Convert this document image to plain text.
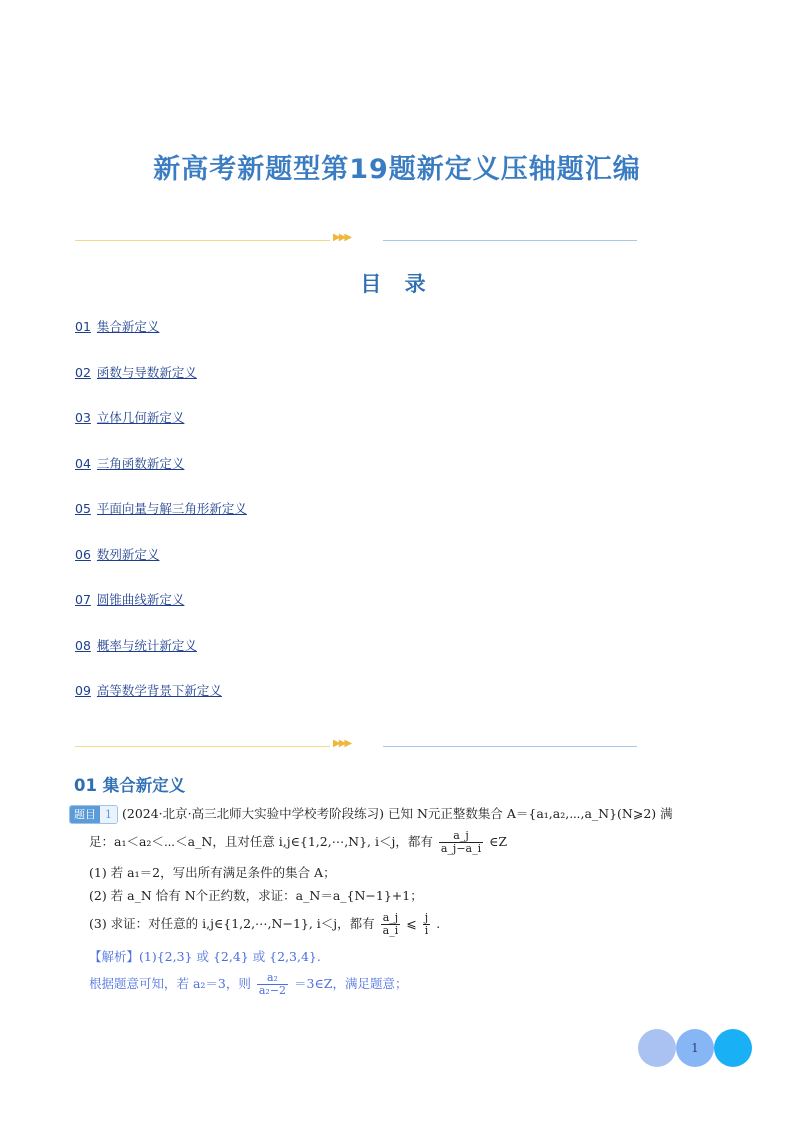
新高考新题型第19题新定义压轴题汇编
▶▶▶
目 录
01 集合新定义
02 函数与导数新定义
03 立体几何新定义
04 三角函数新定义
05 平面向量与解三角形新定义
06 数列新定义
07 圆锥曲线新定义
08 概率与统计新定义
09 高等数学背景下新定义
▶▶▶
01 集合新定义
题目 1 (2024·北京·高三北师大实验中学校考阶段练习) 已知 N元正整数集合 A＝{a₁,a₂,⋯,a_N}(N⩾2) 满
足：a₁＜a₂＜⋯＜a_N，且对任意 i,j∈{1,2,⋯,N}, i＜j，都有 $\frac{a\_j}{a\_j-a\_i}$ ∈Z
(1) 若 a₁＝2，写出所有满足条件的集合 A；
(2) 若 a_N 恰有 N个正约数，求证：a_N＝a_{N−1}+1；
(3) 求证：对任意的 i,j∈{1,2,⋯,N−1}, i＜j，都有 $\frac{a\_j}{a\_i}$ ⩽ $\frac{j}{i}$ .
【解析】(1){2,3} 或 {2,4} 或 {2,3,4}.
根据题意可知，若 a₂＝3，则 $\frac{\text{a₂}}{\text{a₂−2}}$ ＝3∈Z，满足题意；
1
